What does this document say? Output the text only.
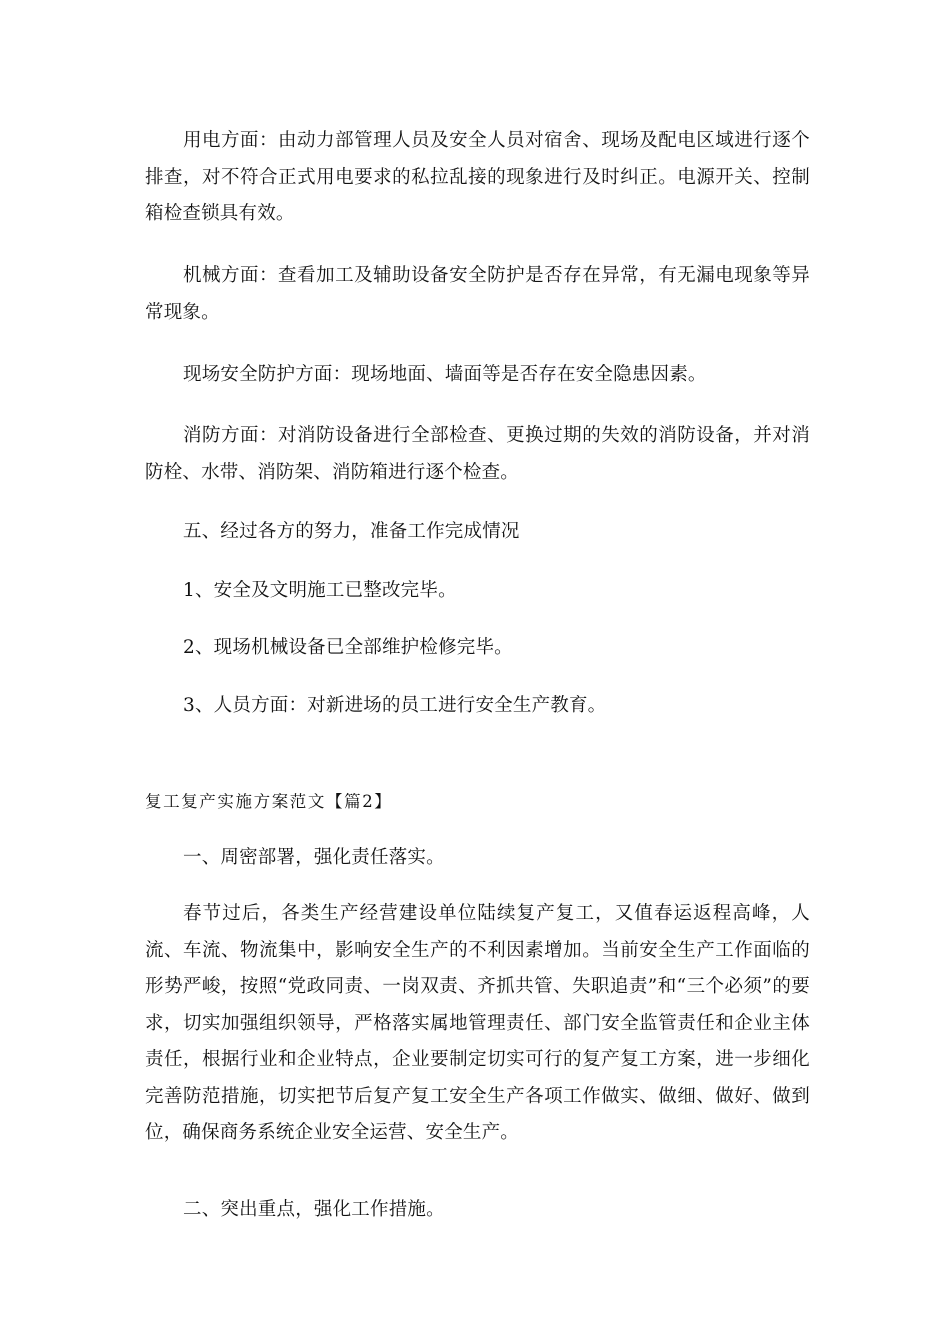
用电方面：由动力部管理人员及安全人员对宿舍、现场及配电区域进行逐个排查，对不符合正式用电要求的私拉乱接的现象进行及时纠正。电源开关、控制箱检查锁具有效。

机械方面：查看加工及辅助设备安全防护是否存在异常，有无漏电现象等异常现象。

现场安全防护方面：现场地面、墙面等是否存在安全隐患因素。

消防方面：对消防设备进行全部检查、更换过期的失效的消防设备，并对消防栓、水带、消防架、消防箱进行逐个检查。

五、经过各方的努力，准备工作完成情况

1、安全及文明施工已整改完毕。

2、现场机械设备已全部维护检修完毕。

3、人员方面：对新进场的员工进行安全生产教育。

复工复产实施方案范文【篇2】

一、周密部署，强化责任落实。

春节过后，各类生产经营建设单位陆续复产复工，又值春运返程高峰，人流、车流、物流集中，影响安全生产的不利因素增加。当前安全生产工作面临的形势严峻，按照“党政同责、一岗双责、齐抓共管、失职追责”和“三个必须”的要求，切实加强组织领导，严格落实属地管理责任、部门安全监管责任和企业主体责任，根据行业和企业特点，企业要制定切实可行的复产复工方案，进一步细化完善防范措施，切实把节后复产复工安全生产各项工作做实、做细、做好、做到位，确保商务系统企业安全运营、安全生产。

二、突出重点，强化工作措施。
